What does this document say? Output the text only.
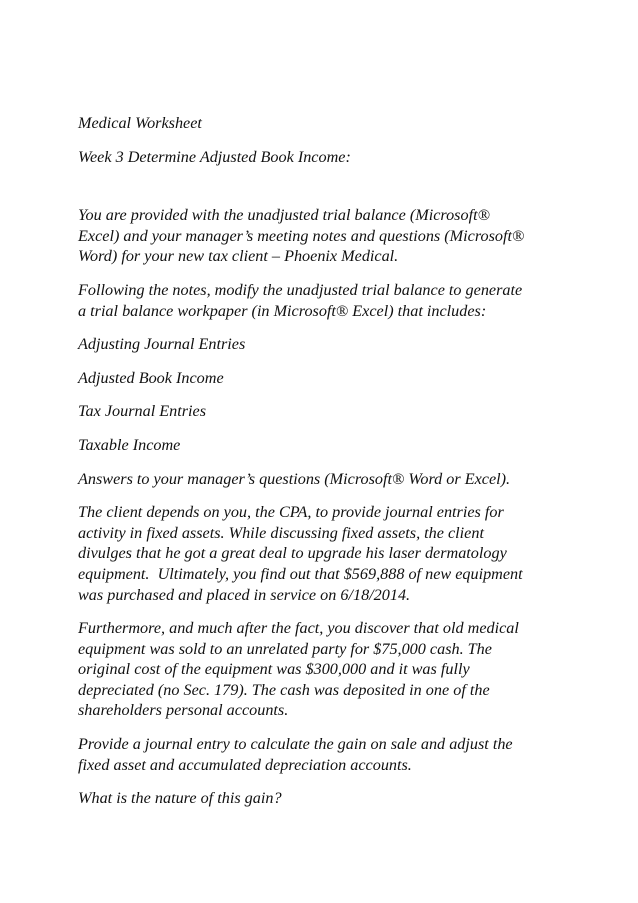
Medical Worksheet

Week 3 Determine Adjusted Book Income:

You are provided with the unadjusted trial balance (Microsoft®
Excel) and your manager’s meeting notes and questions (Microsoft®
Word) for your new tax client – Phoenix Medical.

Following the notes, modify the unadjusted trial balance to generate
a trial balance workpaper (in Microsoft® Excel) that includes:

Adjusting Journal Entries

Adjusted Book Income

Tax Journal Entries

Taxable Income

Answers to your manager’s questions (Microsoft® Word or Excel).

The client depends on you, the CPA, to provide journal entries for
activity in fixed assets. While discussing fixed assets, the client
divulges that he got a great deal to upgrade his laser dermatology
equipment.  Ultimately, you find out that $569,888 of new equipment
was purchased and placed in service on 6/18/2014.

Furthermore, and much after the fact, you discover that old medical
equipment was sold to an unrelated party for $75,000 cash. The
original cost of the equipment was $300,000 and it was fully
depreciated (no Sec. 179). The cash was deposited in one of the
shareholders personal accounts.

Provide a journal entry to calculate the gain on sale and adjust the
fixed asset and accumulated depreciation accounts.

What is the nature of this gain?
